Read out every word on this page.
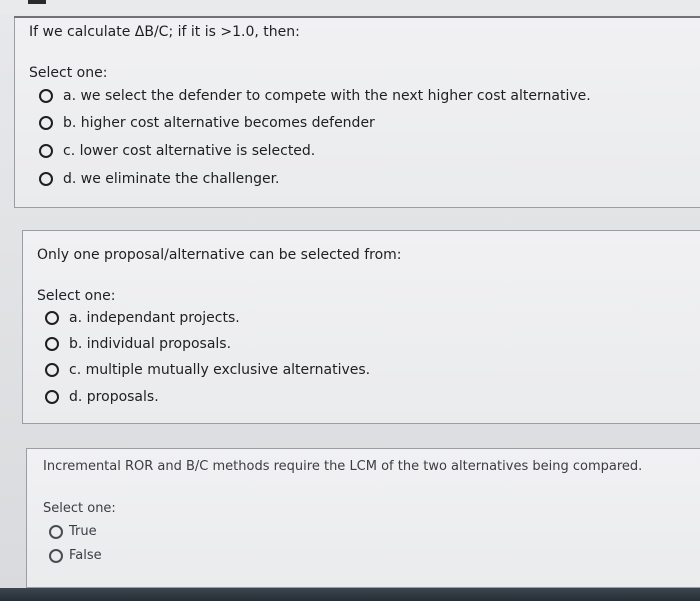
If we calculate ΔB/C; if it is >1.0, then:
Select one:
a. we select the defender to compete with the next higher cost alternative.
b. higher cost alternative becomes defender
c. lower cost alternative is selected.
d. we eliminate the challenger.
Only one proposal/alternative can be selected from:
Select one:
a. independant projects.
b. individual proposals.
c. multiple mutually exclusive alternatives.
d. proposals.
Incremental ROR and B/C methods require the LCM of the two alternatives being compared.
Select one:
True
False
